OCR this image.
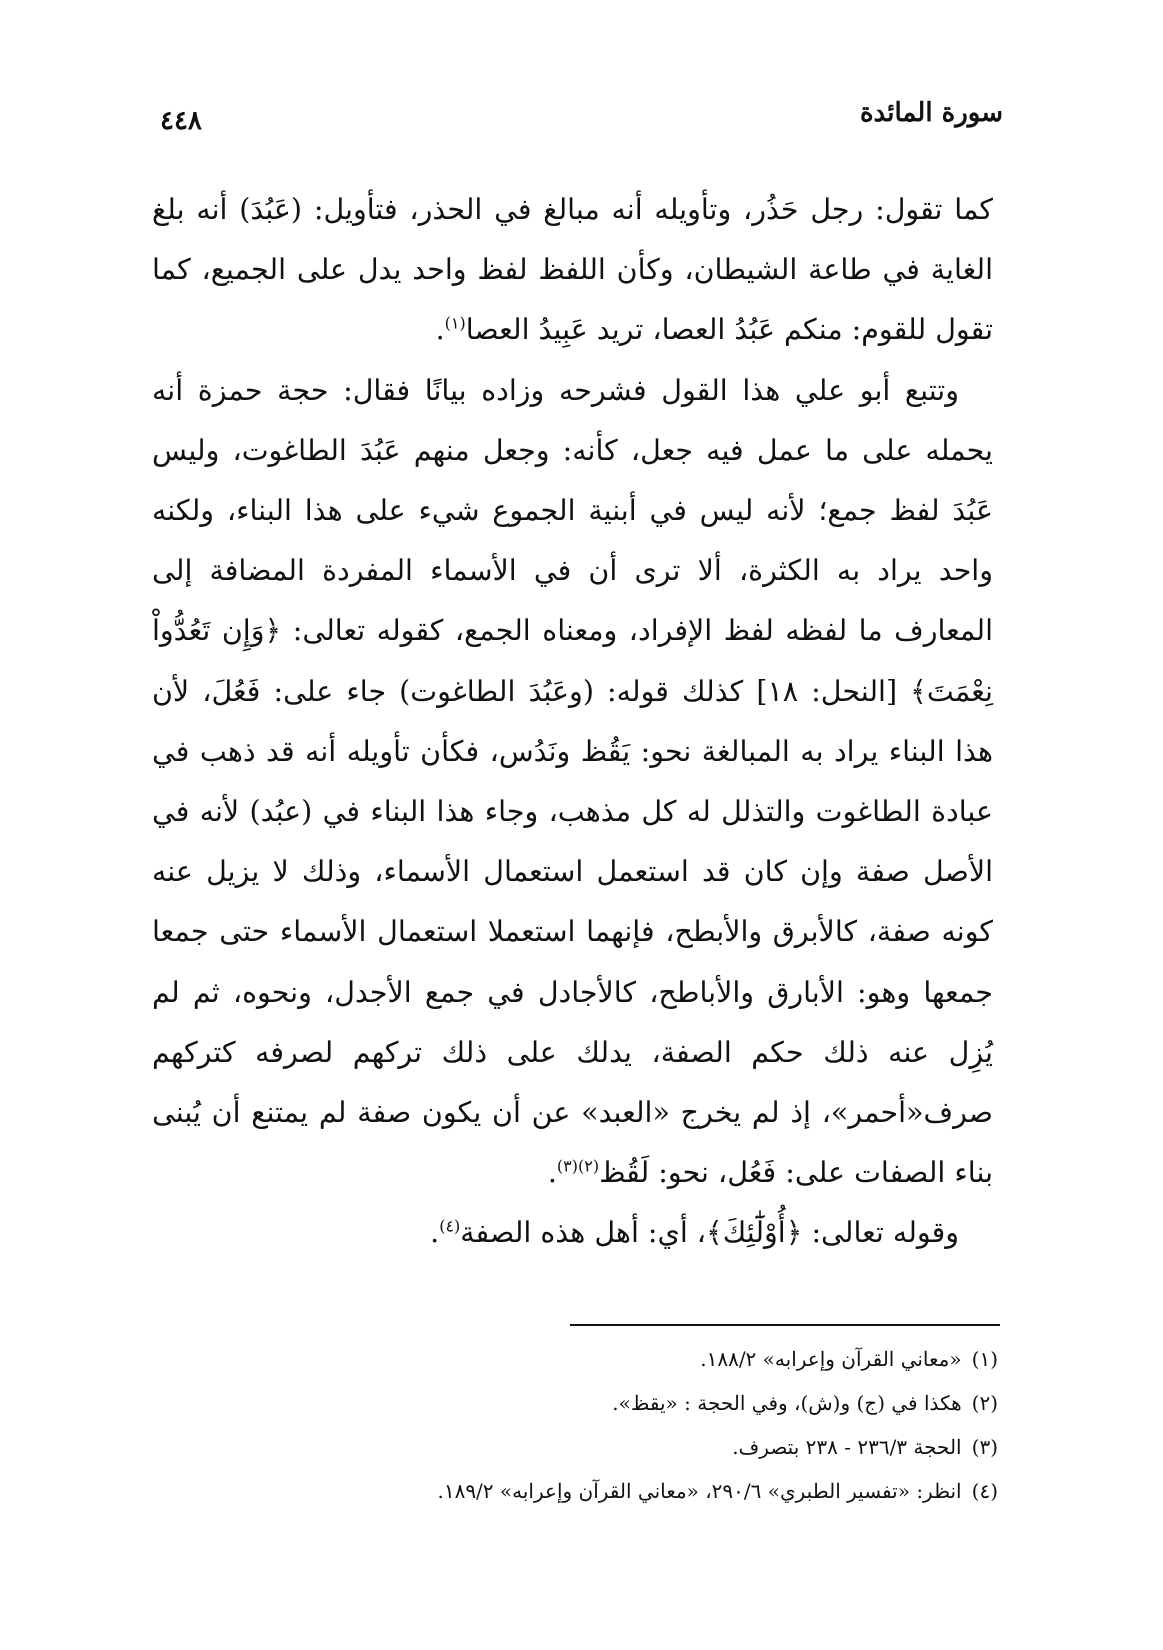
سورة المائدة
٤٤٨

كما تقول: رجل حَذُر، وتأويله أنه مبالغ في الحذر، فتأويل: (عَبُدَ) أنه بلغ الغاية في طاعة الشيطان، وكأن اللفظ لفظ واحد يدل على الجميع، كما تقول للقوم: منكم عَبُدُ العصا، تريد عَبِيدُ العصا$^{(١)}$.

وتتبع أبو علي هذا القول فشرحه وزاده بيانًا فقال: حجة حمزة أنه يحمله على ما عمل فيه جعل، كأنه: وجعل منهم عَبُدَ الطاغوت، وليس عَبُدَ لفظ جمع؛ لأنه ليس في أبنية الجموع شيء على هذا البناء، ولكنه واحد يراد به الكثرة، ألا ترى أن في الأسماء المفردة المضافة إلى المعارف ما لفظه لفظ الإفراد، ومعناه الجمع، كقوله تعالى: ﴿وَإِن تَعُدُّواْ نِعْمَتَ﴾ [النحل: ١٨] كذلك قوله: (وعَبُدَ الطاغوت) جاء على: فَعُلَ، لأن هذا البناء يراد به المبالغة نحو: يَقُظ ونَدُس، فكأن تأويله أنه قد ذهب في عبادة الطاغوت والتذلل له كل مذهب، وجاء هذا البناء في (عبُد) لأنه في الأصل صفة وإن كان قد استعمل استعمال الأسماء، وذلك لا يزيل عنه كونه صفة، كالأبرق والأبطح، فإنهما استعملا استعمال الأسماء حتى جمعا جمعها وهو: الأبارق والأباطح، كالأجادل في جمع الأجدل، ونحوه، ثم لم يُزِل عنه ذلك حكم الصفة، يدلك على ذلك تركهم لصرفه كتركهم صرف«أحمر»، إذ لم يخرج «العبد» عن أن يكون صفة لم يمتنع أن يُبنى بناء الصفات على: فَعُل، نحو: لَقُظ$^{(٢)(٣)}$.

وقوله تعالى: ﴿أُوْلَٰٓئِكَ﴾، أي: أهل هذه الصفة$^{(٤)}$.

(١)«معاني القرآن وإعرابه» ١٨٨/٢.

(٢)هكذا في (ج) و(ش)، وفي الحجة : «يقظ».

(٣)الحجة ٢٣٦/٣ - ٢٣٨ بتصرف.

(٤)انظر: «تفسير الطبري» ٢٩٠/٦، «معاني القرآن وإعرابه» ١٨٩/٢.
